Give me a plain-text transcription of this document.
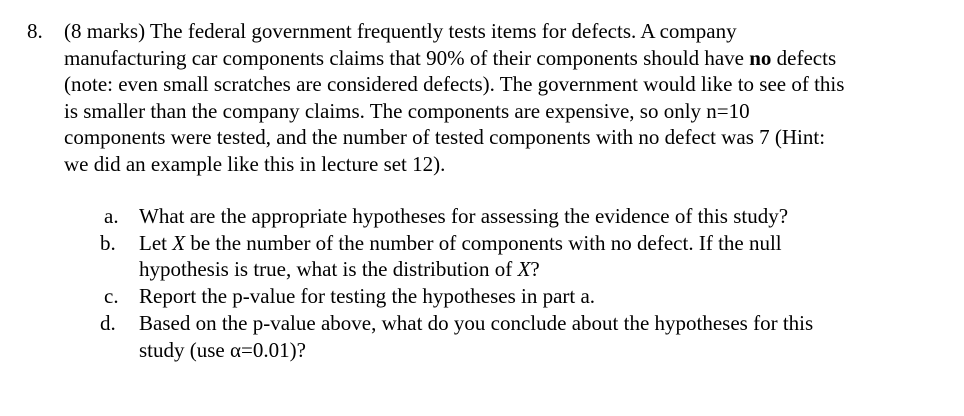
8. (8 marks) The federal government frequently tests items for defects. A company
manufacturing car components claims that 90% of their components should have no defects
(note: even small scratches are considered defects). The government would like to see of this
is smaller than the company claims. The components are expensive, so only n=10
components were tested, and the number of tested components with no defect was 7 (Hint:
we did an example like this in lecture set 12).
a. What are the appropriate hypotheses for assessing the evidence of this study?
b. Let X be the number of the number of components with no defect. If the null
hypothesis is true, what is the distribution of X?
c. Report the p-value for testing the hypotheses in part a.
d. Based on the p-value above, what do you conclude about the hypotheses for this
study (use α=0.01)?
